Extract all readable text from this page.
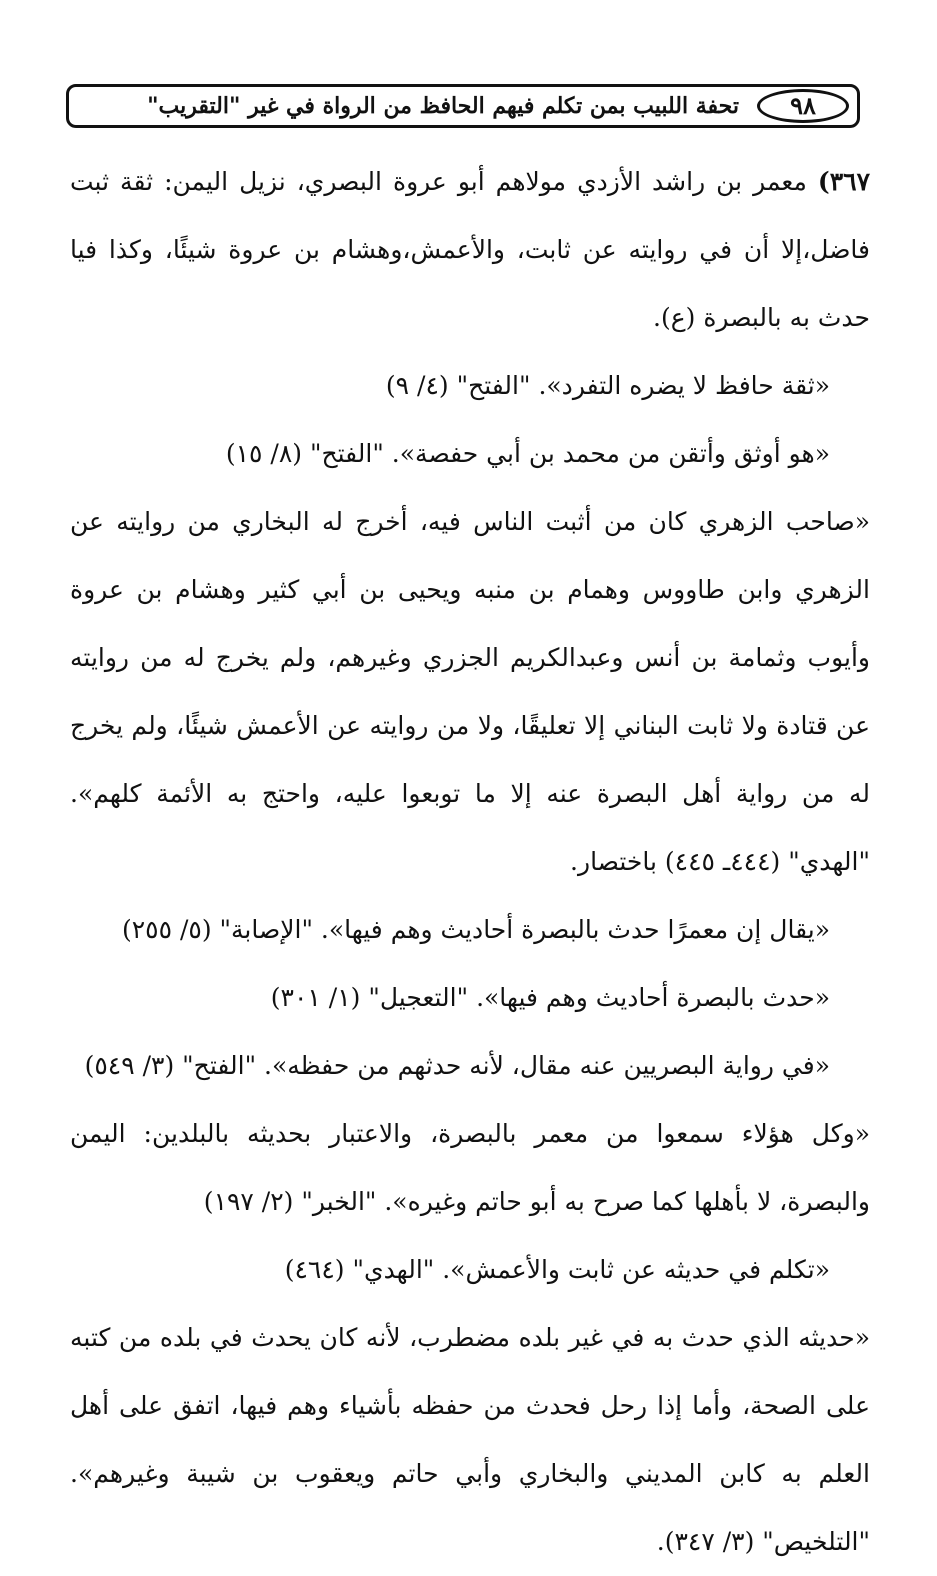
٩٨
تحفة اللبيب بمن تكلم فيهم الحافظ من الرواة في غير "التقريب"

٣٦٧) معمر بن راشد الأزدي مولاهم أبو عروة البصري، نزيل اليمن: ثقة ثبت فاضل،إلا أن في روايته عن ثابت، والأعمش،وهشام بن عروة شيئًا، وكذا فيا حدث به بالبصرة (ع).

«ثقة حافظ لا يضره التفرد». "الفتح" (٤/ ٩)

«هو أوثق وأتقن من محمد بن أبي حفصة». "الفتح" (٨/ ١٥)

«صاحب الزهري كان من أثبت الناس فيه، أخرج له البخاري من روايته عن الزهري وابن طاووس وهمام بن منبه ويحيى بن أبي كثير وهشام بن عروة وأيوب وثمامة بن أنس وعبدالكريم الجزري وغيرهم، ولم يخرج له من روايته عن قتادة ولا ثابت البناني إلا تعليقًا، ولا من روايته عن الأعمش شيئًا، ولم يخرج له من رواية أهل البصرة عنه إلا ما توبعوا عليه، واحتج به الأئمة كلهم». "الهدي" (٤٤٤ـ ٤٤٥) باختصار.

«يقال إن معمرًا حدث بالبصرة أحاديث وهم فيها». "الإصابة" (٥/ ٢٥٥)

«حدث بالبصرة أحاديث وهم فيها». "التعجيل" (١/ ٣٠١)

«في رواية البصريين عنه مقال، لأنه حدثهم من حفظه». "الفتح" (٣/ ٥٤٩)

«وكل هؤلاء سمعوا من معمر بالبصرة، والاعتبار بحديثه بالبلدين: اليمن والبصرة، لا بأهلها كما صرح به أبو حاتم وغيره». "الخبر" (٢/ ١٩٧)

«تكلم في حديثه عن ثابت والأعمش». "الهدي" (٤٦٤)

«حديثه الذي حدث به في غير بلده مضطرب، لأنه كان يحدث في بلده من كتبه على الصحة، وأما إذا رحل فحدث من حفظه بأشياء وهم فيها، اتفق على أهل العلم به كابن المديني والبخاري وأبي حاتم ويعقوب بن شيبة وغيرهم». "التلخيص" (٣/ ٣٤٧).
